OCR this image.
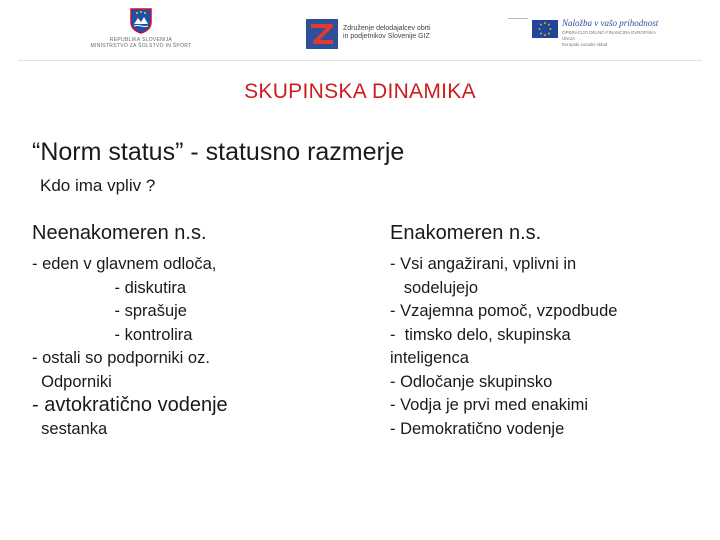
REPUBLIKA SLOVENIJA
MINISTRSTVO ZA ŠOLSTVO IN ŠPORT
Združenje delodajalcev obrti
in podjetnikov Slovenije GIZ
Naložba v vašo prihodnost
OPERACIJO DELNO FINANCIRA EVROPSKA UNIJA
Evropski socialni sklad
SKUPINSKA DINAMIKA
“Norm status” - statusno razmerje
Kdo ima vpliv ?
Neenakomeren n.s.
- eden v glavnem odloča,
- diskutira
- sprašuje
- kontrolira
- ostali so podporniki oz.
Odporniki
- avtokratično vodenje
sestanka
Enakomeren n.s.
- Vsi angažirani, vplivni in
sodelujejo
- Vzajemna pomoč, vzpodbude
-  timsko delo, skupinska
inteligenca
- Odločanje skupinsko
- Vodja je prvi med enakimi
- Demokratično vodenje
